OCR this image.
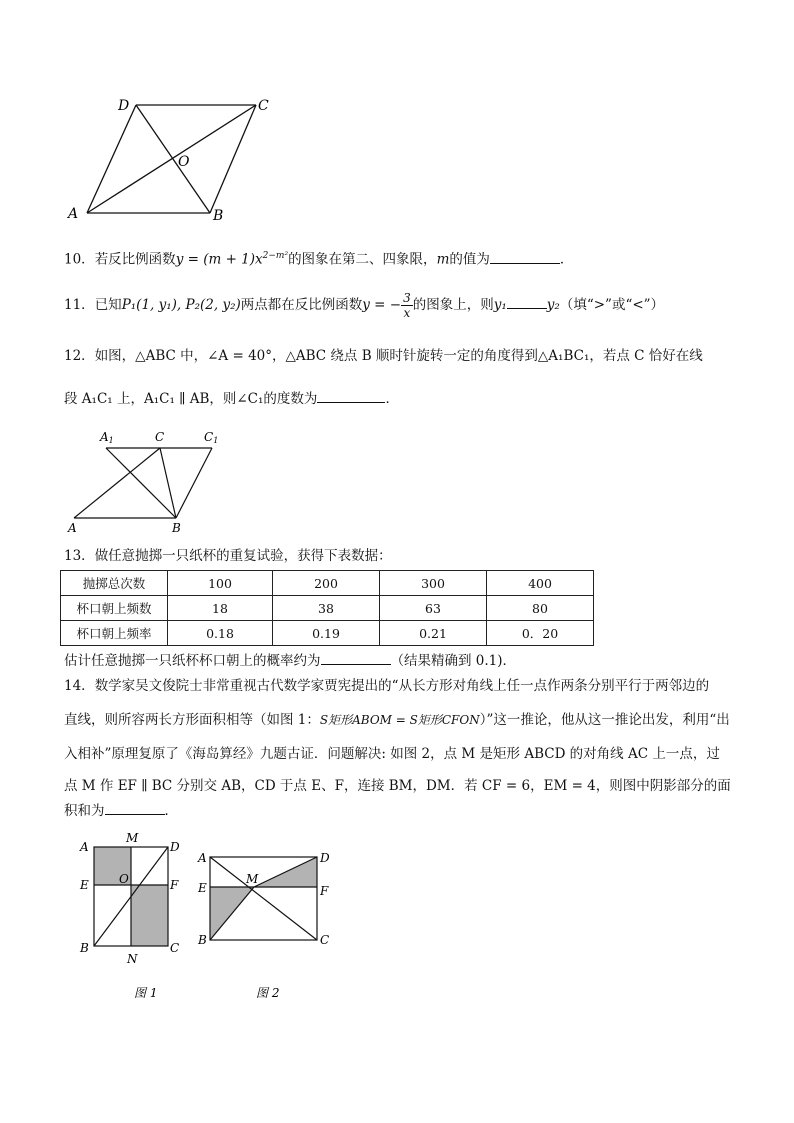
A	B
C
D
O
10．若反比例函数$y = (m + 1)x^{2-m^2}$的图象在第二、四象限，m的值为	．
11．已知P₁(1, y₁), P₂(2, y₂)两点都在反比例函数y = − $\frac{3}{x}$ 的图象上，则y₁	y₂（填“>”或“<”）
12．如图，△ABC 中，∠A = 40°，△ABC 绕点 B 顺时针旋转一定的角度得到△A₁BC₁，若点 C 恰好在线
段 A₁C₁ 上，A₁C₁ ∥ AB，则∠C₁的度数为	．
A1	C	C1
A	B
13．做任意抛掷一只纸杯的重复试验，获得下表数据：
抛掷总次数	100	200	300	400
杯口朝上频数	18	38	63	80
杯口朝上频率	0.18	0.19	0.21	0．20
估计任意抛掷一只纸杯杯口朝上的概率约为	（结果精确到 0.1)．
14．数学家吴文俊院士非常重视古代数学家贾宪提出的“从长方形对角线上任一点作两条分别平行于两邻边的
直线，则所容两长方形面积相等（如图 1：S矩形ABOM = S矩形CFON）”这一推论，他从这一推论出发，利用“出
入相补”原理复原了《海岛算经》九题古证．问题解决: 如图 2，点 M 是矩形 ABCD 的对角线 AC 上一点，过
点 M 作 EF ∥ BC 分别交 AB，CD 于点 E、F，连接 BM，DM．若 CF = 6，EM = 4，则图中阴影部分的面
积和为	．
A
M
D
E	O	F
B
N
C
图 1
A	D
E
M
F
B	C
图 2
